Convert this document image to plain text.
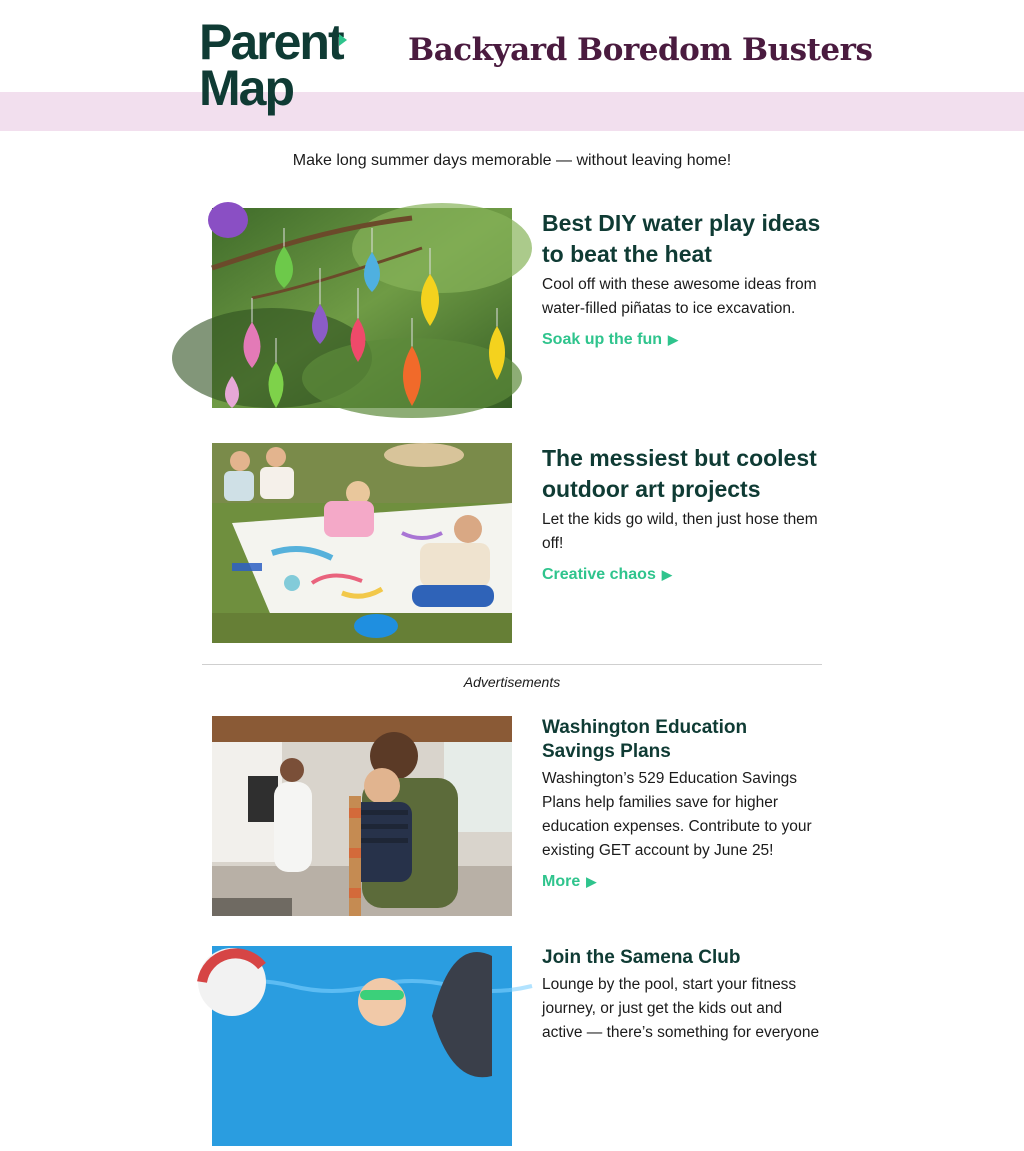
Parent
Map
Backyard Boredom Busters
Make long summer days memorable — without leaving home!
Best DIY water play ideas to beat the heat
Cool off with these awesome ideas from water-filled piñatas to ice excavation.
Soak up the fun ▶
The messiest but coolest outdoor art projects
Let the kids go wild, then just hose them off!
Creative chaos ▶
Advertisements
Washington Education Savings Plans
Washington’s 529 Education Savings Plans help families save for higher education expenses. Contribute to your existing GET account by June 25!
More ▶
Join the Samena Club
Lounge by the pool, start your fitness journey, or just get the kids out and active — there’s something for everyone
